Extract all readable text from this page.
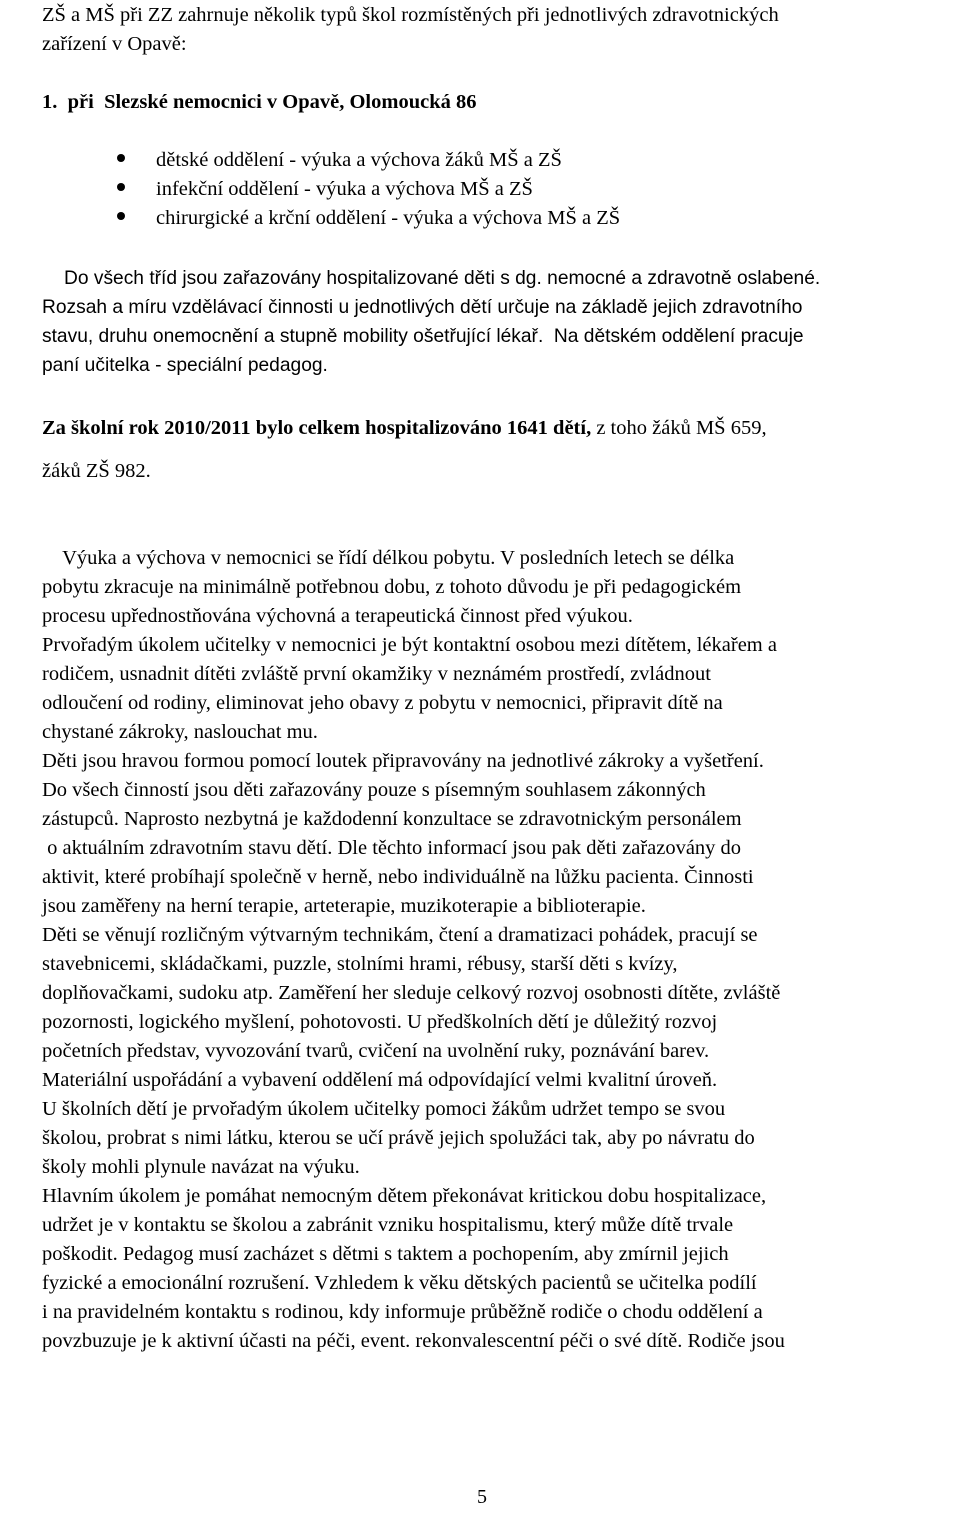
ZŠ a MŠ při ZZ zahrnuje několik typů škol rozmístěných při jednotlivých zdravotnických
zařízení v Opavě:
1.  při  Slezské nemocnici v Opavě, Olomoucká 86
dětské oddělení - výuka a výchova žáků MŠ a ZŠ
infekční oddělení - výuka a výchova MŠ a ZŠ
chirurgické a krční oddělení - výuka a výchova MŠ a ZŠ
Do všech tříd jsou zařazovány hospitalizované děti s dg. nemocné a zdravotně oslabené.
Rozsah a míru vzdělávací činnosti u jednotlivých dětí určuje na základě jejich zdravotního
stavu, druhu onemocnění a stupně mobility ošetřující lékař.  Na dětském oddělení pracuje
paní učitelka - speciální pedagog.
Za školní rok 2010/2011 bylo celkem hospitalizováno 1641 dětí, z toho žáků MŠ 659,
žáků ZŠ 982.
Výuka a výchova v nemocnici se řídí délkou pobytu. V posledních letech se délka
pobytu zkracuje na minimálně potřebnou dobu, z tohoto důvodu je při pedagogickém
procesu upřednostňována výchovná a terapeutická činnost před výukou.
Prvořadým úkolem učitelky v nemocnici je být kontaktní osobou mezi dítětem, lékařem a
rodičem, usnadnit dítěti zvláště první okamžiky v neznámém prostředí, zvládnout
odloučení od rodiny, eliminovat jeho obavy z pobytu v nemocnici, připravit dítě na
chystané zákroky, naslouchat mu.
Děti jsou hravou formou pomocí loutek připravovány na jednotlivé zákroky a vyšetření.
Do všech činností jsou děti zařazovány pouze s písemným souhlasem zákonných
zástupců. Naprosto nezbytná je každodenní konzultace se zdravotnickým personálem
o aktuálním zdravotním stavu dětí. Dle těchto informací jsou pak děti zařazovány do
aktivit, které probíhají společně v herně, nebo individuálně na lůžku pacienta. Činnosti
jsou zaměřeny na herní terapie, arteterapie, muzikoterapie a biblioterapie.
Děti se věnují rozličným výtvarným technikám, čtení a dramatizaci pohádek, pracují se
stavebnicemi, skládačkami, puzzle, stolními hrami, rébusy, starší děti s kvízy,
doplňovačkami, sudoku atp. Zaměření her sleduje celkový rozvoj osobnosti dítěte, zvláště
pozornosti, logického myšlení, pohotovosti. U předškolních dětí je důležitý rozvoj
početních představ, vyvozování tvarů, cvičení na uvolnění ruky, poznávání barev.
Materiální uspořádání a vybavení oddělení má odpovídající velmi kvalitní úroveň.
U školních dětí je prvořadým úkolem učitelky pomoci žákům udržet tempo se svou
školou, probrat s nimi látku, kterou se učí právě jejich spolužáci tak, aby po návratu do
školy mohli plynule navázat na výuku.
Hlavním úkolem je pomáhat nemocným dětem překonávat kritickou dobu hospitalizace,
udržet je v kontaktu se školou a zabránit vzniku hospitalismu, který může dítě trvale
poškodit. Pedagog musí zacházet s dětmi s taktem a pochopením, aby zmírnil jejich
fyzické a emocionální rozrušení. Vzhledem k věku dětských pacientů se učitelka podílí
i na pravidelném kontaktu s rodinou, kdy informuje průběžně rodiče o chodu oddělení a
povzbuzuje je k aktivní účasti na péči, event. rekonvalescentní péči o své dítě. Rodiče jsou
5
